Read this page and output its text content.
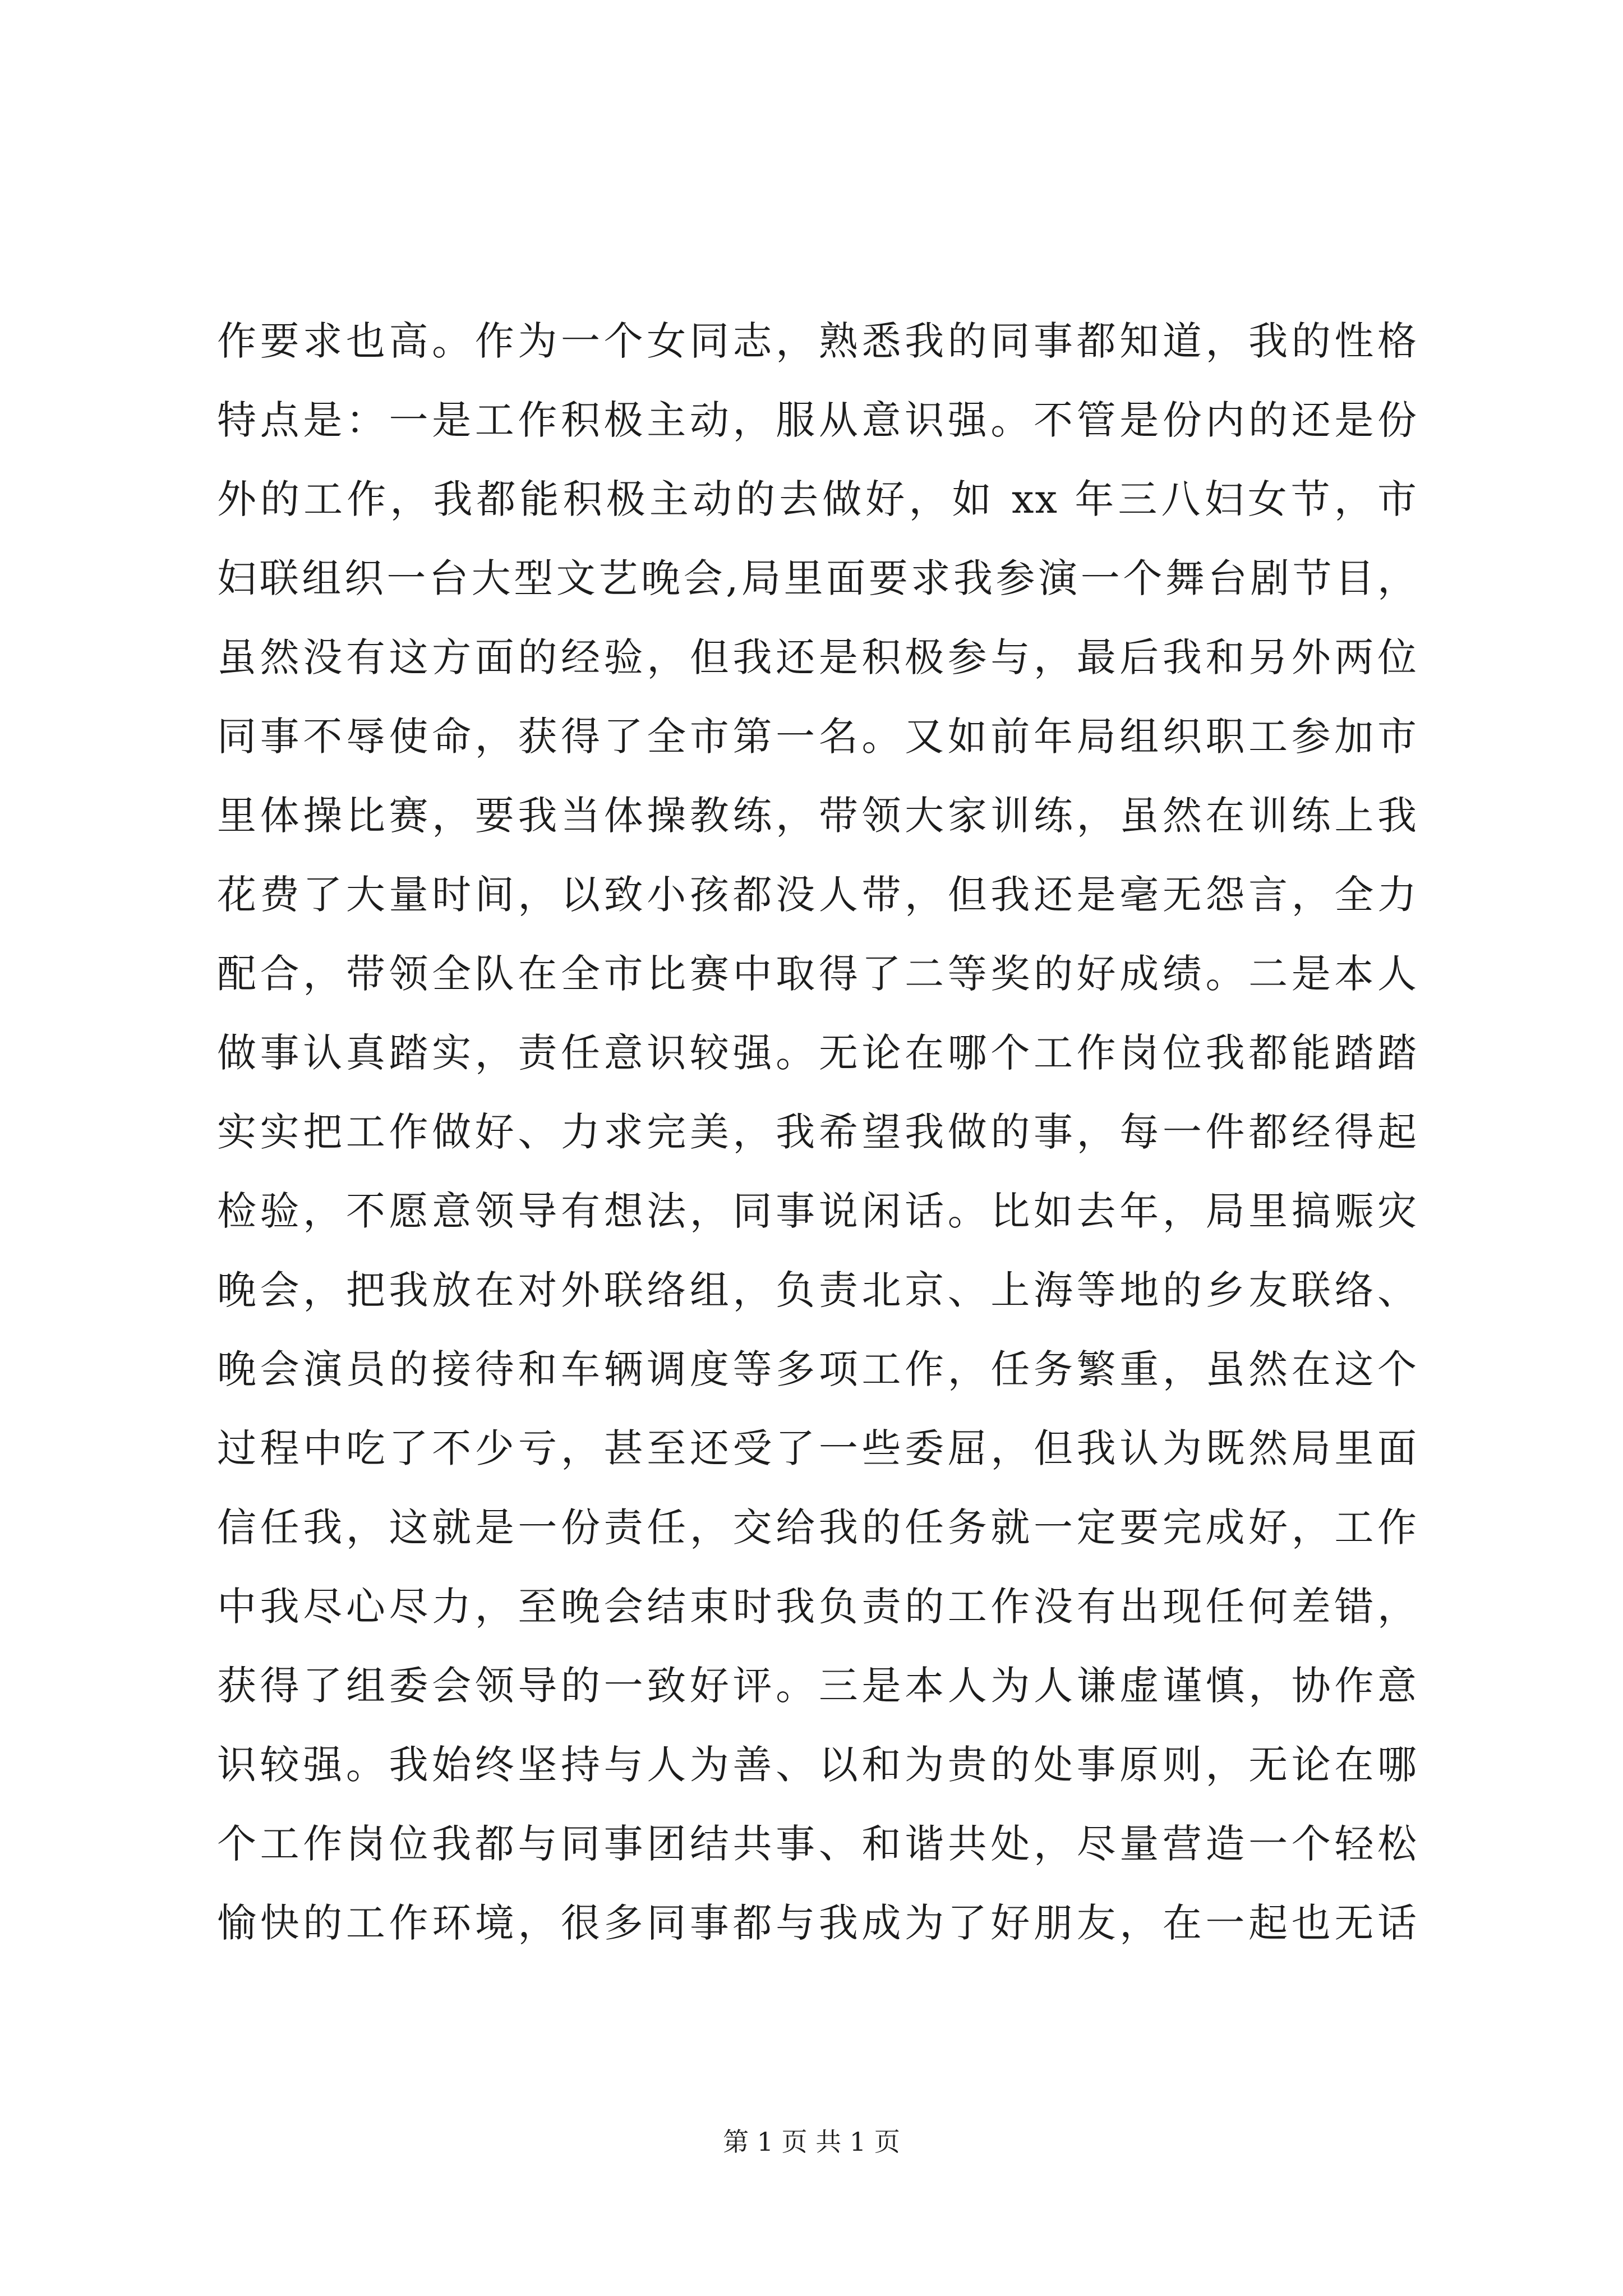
作要求也高。作为一个女同志，熟悉我的同事都知道，我的性格
特点是：一是工作积极主动，服从意识强。不管是份内的还是份
外的工作，我都能积极主动的去做好，如 xx 年三八妇女节，市
妇联组织一台大型文艺晚会,局里面要求我参演一个舞台剧节目，
虽然没有这方面的经验，但我还是积极参与，最后我和另外两位
同事不辱使命，获得了全市第一名。又如前年局组织职工参加市
里体操比赛，要我当体操教练，带领大家训练，虽然在训练上我
花费了大量时间，以致小孩都没人带，但我还是毫无怨言，全力
配合，带领全队在全市比赛中取得了二等奖的好成绩。二是本人
做事认真踏实，责任意识较强。无论在哪个工作岗位我都能踏踏
实实把工作做好、力求完美，我希望我做的事，每一件都经得起
检验，不愿意领导有想法，同事说闲话。比如去年，局里搞赈灾
晚会，把我放在对外联络组，负责北京、上海等地的乡友联络、
晚会演员的接待和车辆调度等多项工作，任务繁重，虽然在这个
过程中吃了不少亏，甚至还受了一些委屈，但我认为既然局里面
信任我，这就是一份责任，交给我的任务就一定要完成好，工作
中我尽心尽力，至晚会结束时我负责的工作没有出现任何差错，
获得了组委会领导的一致好评。三是本人为人谦虚谨慎，协作意
识较强。我始终坚持与人为善、以和为贵的处事原则，无论在哪
个工作岗位我都与同事团结共事、和谐共处，尽量营造一个轻松
愉快的工作环境，很多同事都与我成为了好朋友，在一起也无话
第 1 页 共 1 页
